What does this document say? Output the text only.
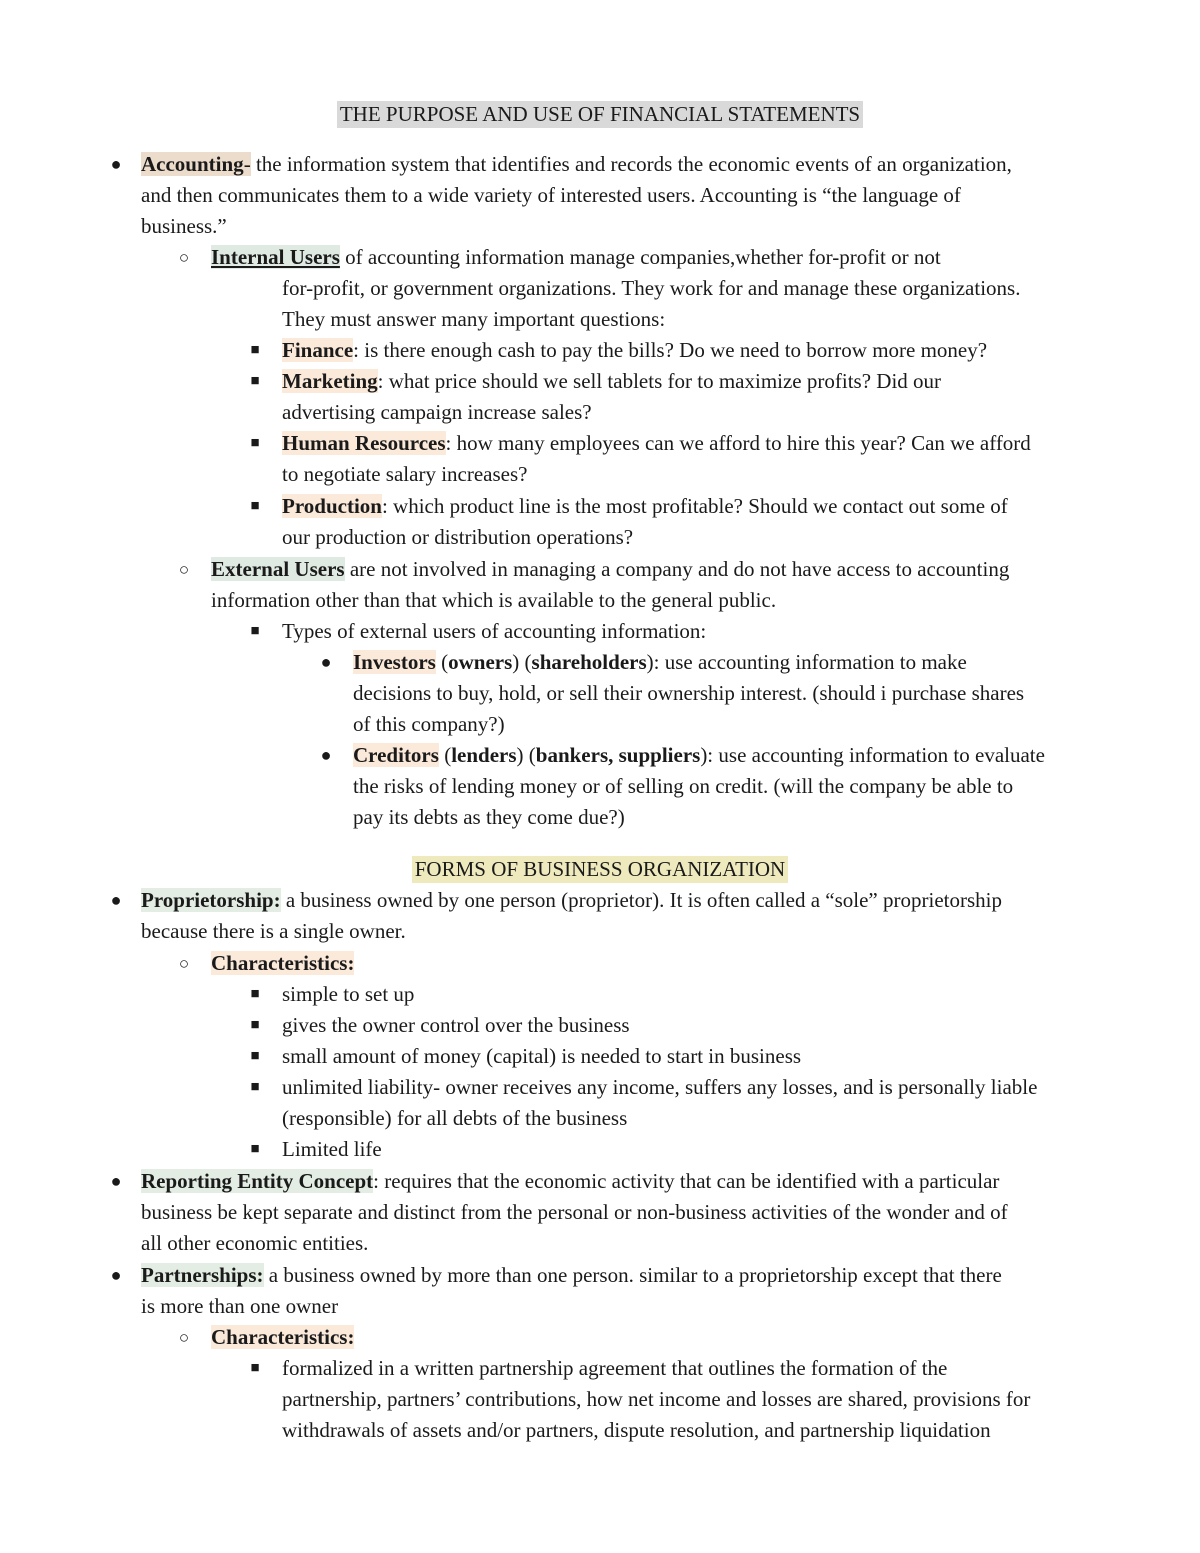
THE PURPOSE AND USE OF FINANCIAL STATEMENTS
● Accounting- the information system that identifies and records the economic events of an organization,
and then communicates them to a wide variety of interested users. Accounting is “the language of
business.”
○ Internal Users of accounting information manage companies,whether for-profit or not
for-profit, or government organizations. They work for and manage these organizations.
They must answer many important questions:
■ Finance: is there enough cash to pay the bills? Do we need to borrow more money?
■ Marketing: what price should we sell tablets for to maximize profits? Did our
advertising campaign increase sales?
■ Human Resources: how many employees can we afford to hire this year? Can we afford
to negotiate salary increases?
■ Production: which product line is the most profitable? Should we contact out some of
our production or distribution operations?
○ External Users are not involved in managing a company and do not have access to accounting
information other than that which is available to the general public.
■ Types of external users of accounting information:
● Investors (owners) (shareholders): use accounting information to make
decisions to buy, hold, or sell their ownership interest. (should i purchase shares
of this company?)
● Creditors (lenders) (bankers, suppliers): use accounting information to evaluate
the risks of lending money or of selling on credit. (will the company be able to
pay its debts as they come due?)
FORMS OF BUSINESS ORGANIZATION
● Proprietorship: a business owned by one person (proprietor). It is often called a “sole” proprietorship
because there is a single owner.
○ Characteristics:
■ simple to set up
■ gives the owner control over the business
■ small amount of money (capital) is needed to start in business
■ unlimited liability- owner receives any income, suffers any losses, and is personally liable
(responsible) for all debts of the business
■ Limited life
● Reporting Entity Concept: requires that the economic activity that can be identified with a particular
business be kept separate and distinct from the personal or non-business activities of the wonder and of
all other economic entities.
● Partnerships: a business owned by more than one person. similar to a proprietorship except that there
is more than one owner
○ Characteristics:
■ formalized in a written partnership agreement that outlines the formation of the
partnership, partners’ contributions, how net income and losses are shared, provisions for
withdrawals of assets and/or partners, dispute resolution, and partnership liquidation
